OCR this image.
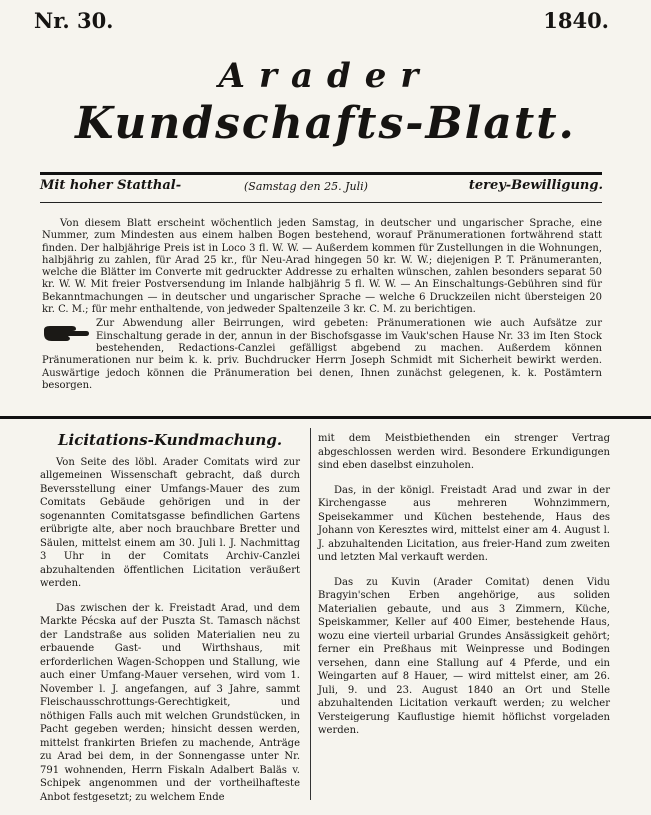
Nr. 30.	1840.
Arader
Kundschafts-Blatt.
Mit hoher Statthal-	(Samstag den 25. Juli)	terey-Bewilligung.
Von diesem Blatt erscheint wöchentlich jeden Samstag, in deutscher und ungarischer Sprache, eine Nummer, zum Mindesten aus einem halben Bogen bestehend, worauf Pränumerationen fortwährend statt finden. Der halbjährige Preis ist in Loco 3 fl. W. W. — Außerdem kommen für Zustellungen in die Wohnungen, halbjährig zu zahlen, für Arad 25 kr., für Neu-Arad hingegen 50 kr. W. W.; diejenigen P. T. Pränumeranten, welche die Blätter im Converte mit gedruckter Addresse zu erhalten wünschen, zahlen besonders separat 50 kr. W. W. Mit freier Postversendung im Inlande halbjährig 5 fl. W. W. — An Einschaltungs-Gebühren sind für Bekanntmachungen — in deutscher und ungarischer Sprache — welche 6 Druckzeilen nicht übersteigen 20 kr. C. M.; für mehr enthaltende, von jedweder Spaltenzeile 3 kr. C. M. zu berichtigen.
Zur Abwendung aller Beirrungen, wird gebeten: Pränumerationen wie auch Aufsätze zur Einschaltung gerade in der, annun in der Bischofsgasse im Vauk'schen Hause Nr. 33 im Iten Stock bestehenden, Redactions-Canzlei gefälligst abgebend zu machen. Außerdem können Pränumerationen nur beim k. k. priv. Buchdrucker Herrn Joseph Schmidt mit Sicherheit bewirkt werden. Auswärtige jedoch können die Pränumeration bei denen, Ihnen zunächst gelegenen, k. k. Postämtern besorgen.
Licitations-Kundmachung.

Von Seite des löbl. Arader Comitats wird zur allgemeinen Wissenschaft gebracht, daß durch Beversstellung einer Umfangs-Mauer des zum Comitats Gebäude gehörigen und in der sogenannten Comitatsgasse befindlichen Gartens erübrigte alte, aber noch brauchbare Bretter und Säulen, mittelst einem am 30. Juli l. J. Nachmittag 3 Uhr in der Comitats Archiv-Canzlei abzuhaltenden öffentlichen Licitation veräußert werden.

Das zwischen der k. Freistadt Arad, und dem Markte Pécska auf der Puszta St. Tamasch nächst der Landstraße aus soliden Materialien neu zu erbauende Gast- und Wirthshaus, mit erforderlichen Wagen-Schoppen und Stallung, wie auch einer Umfang-Mauer versehen, wird vom 1. November l. J. angefangen, auf 3 Jahre, sammt Fleischausschrottungs-Gerechtigkeit, und nöthigen Falls auch mit welchen Grundstücken, in Pacht gegeben werden; hinsicht dessen werden, mittelst frankirten Briefen zu machende, Anträge zu Arad bei dem, in der Sonnengasse unter Nr. 791 wohnenden, Herrn Fiskaln Adalbert Baläs v. Schipek angenommen und der vortheilhafteste Anbot festgesetzt; zu welchem Ende

mit dem Meistbiethenden ein strenger Vertrag abgeschlossen werden wird. Besondere Erkundigungen sind eben daselbst einzuholen.

Das, in der königl. Freistadt Arad und zwar in der Kirchengasse aus mehreren Wohnzimmern, Speisekammer und Küchen bestehende, Haus des Johann von Keresztes wird, mittelst einer am 4. August l. J. abzuhaltenden Licitation, aus freier-Hand zum zweiten und letzten Mal verkauft werden.

Das zu Kuvin (Arader Comitat) denen Vidu Bragyin'schen Erben angehörige, aus soliden Materialien gebaute, und aus 3 Zimmern, Küche, Speiskammer, Keller auf 400 Eimer, bestehende Haus, wozu eine vierteil urbarial Grundes Ansässigkeit gehört; ferner ein Preßhaus mit Weinpresse und Bodingen versehen, dann eine Stallung auf 4 Pferde, und ein Weingarten auf 8 Hauer, — wird mittelst einer, am 26. Juli, 9. und 23. August 1840 an Ort und Stelle abzuhaltenden Licitation verkauft werden; zu welcher Versteigerung Kauflustige hiemit höflichst vorgeladen werden.
